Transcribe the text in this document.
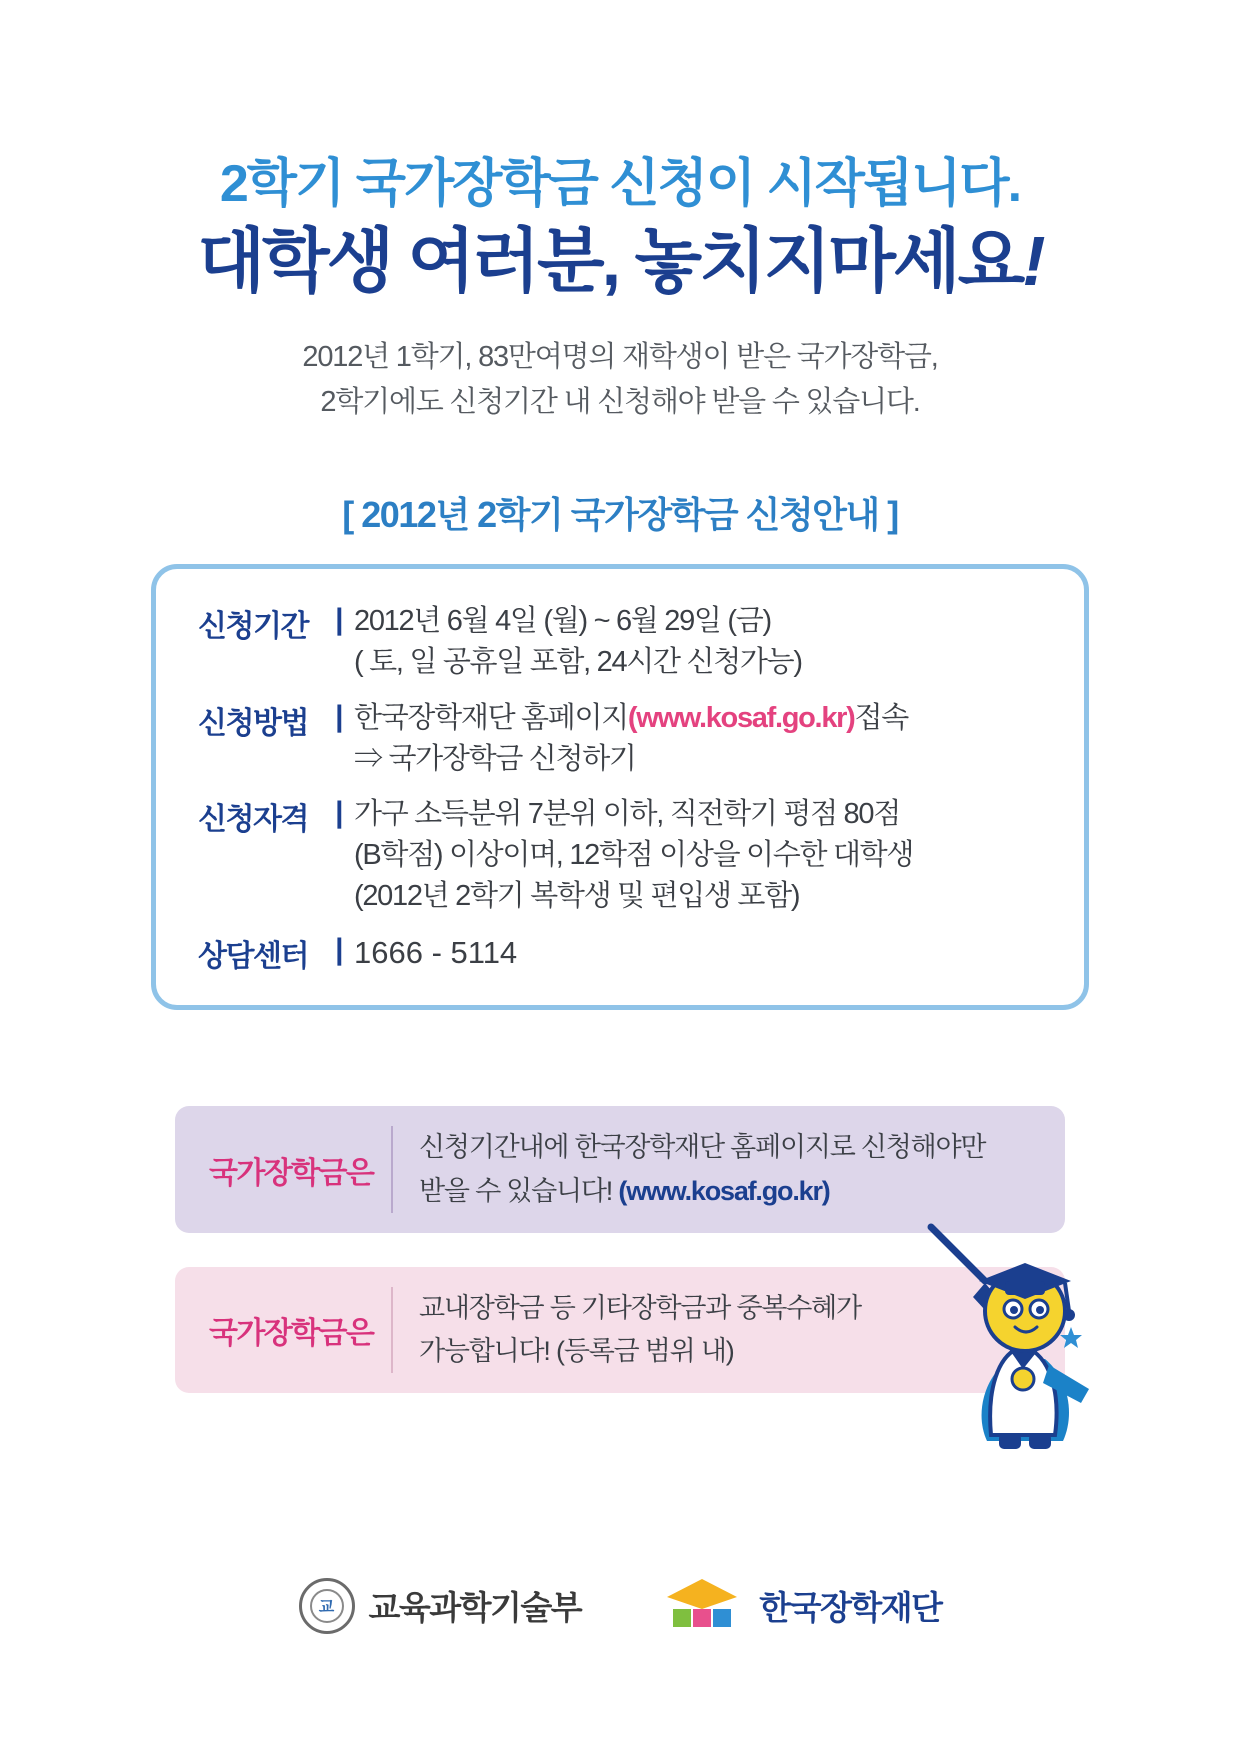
2학기 국가장학금 신청이 시작됩니다.
대학생 여러분, 놓치지마세요!
2012년 1학기, 83만여명의 재학생이 받은 국가장학금,
2학기에도 신청기간 내 신청해야 받을 수 있습니다.
[ 2012년 2학기 국가장학금 신청안내 ]
신청기간 | 2012년 6월 4일 (월) ~ 6월 29일 (금)
( 토, 일 공휴일 포함, 24시간 신청가능)
신청방법 | 한국장학재단 홈페이지(www.kosaf.go.kr)접속
⇒ 국가장학금 신청하기
신청자격 | 가구 소득분위 7분위 이하, 직전학기 평점 80점
(B학점) 이상이며, 12학점 이상을 이수한 대학생
(2012년 2학기 복학생 및 편입생 포함)
상담센터 | 1666 - 5114
국가장학금은
신청기간내에 한국장학재단 홈페이지로 신청해야만
받을 수 있습니다! (www.kosaf.go.kr)
국가장학금은
교내장학금 등 기타장학금과 중복수혜가
가능합니다! (등록금 범위 내)
교 교육과학기술부	한국장학재단
